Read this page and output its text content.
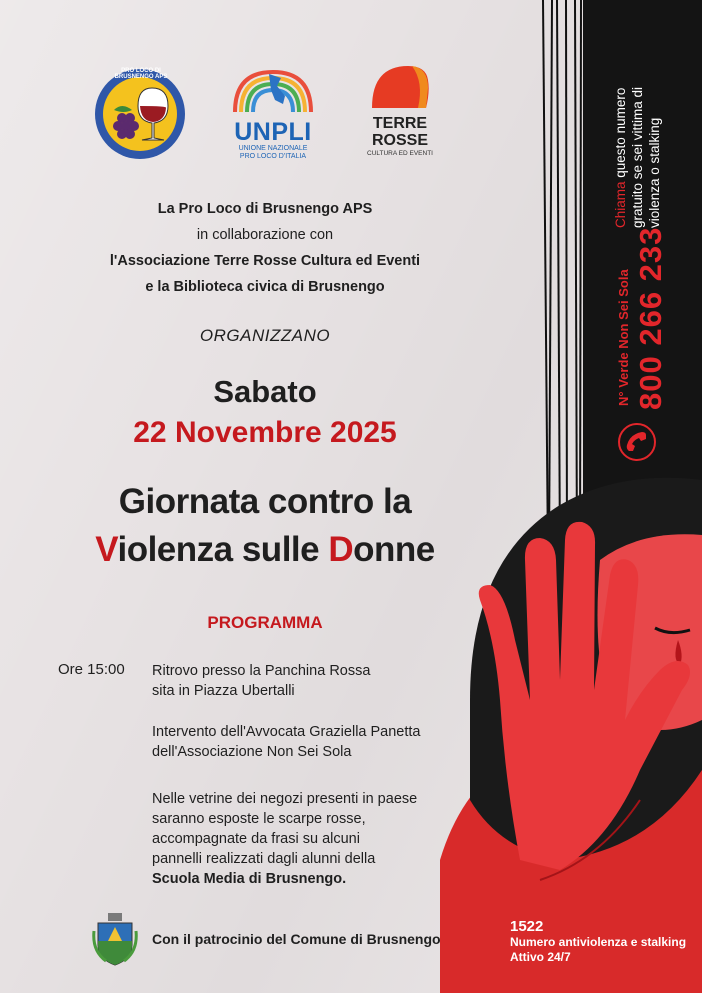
PRO LOCO DI BRUSNENGO APS
UNPLI
UNIONE NAZIONALE
PRO LOCO D'ITALIA
TERRE
ROSSE
CULTURA ED EVENTI
La Pro Loco di Brusnengo APS
in collaborazione con
l'Associazione Terre Rosse Cultura ed Eventi
e la Biblioteca civica di Brusnengo
ORGANIZZANO
Sabato
22 Novembre 2025
Giornata contro la
Violenza sulle Donne
PROGRAMMA
Ore 15:00 Ritrovo presso la Panchina Rossa
sita in Piazza Ubertalli
Intervento dell'Avvocata Graziella Panetta
dell'Associazione Non Sei Sola
Nelle vetrine dei negozi presenti in paese
saranno esposte le scarpe rosse,
accompagnate da frasi su alcuni
pannelli realizzati dagli alunni della
Scuola Media di Brusnengo.
Con il patrocinio del Comune di Brusnengo
Chiama questo numero gratuito se sei vittima di violenza o stalking
N° Verde Non Sei Sola 800 266 233
1522
Numero antiviolenza e stalking
Attivo 24/7
